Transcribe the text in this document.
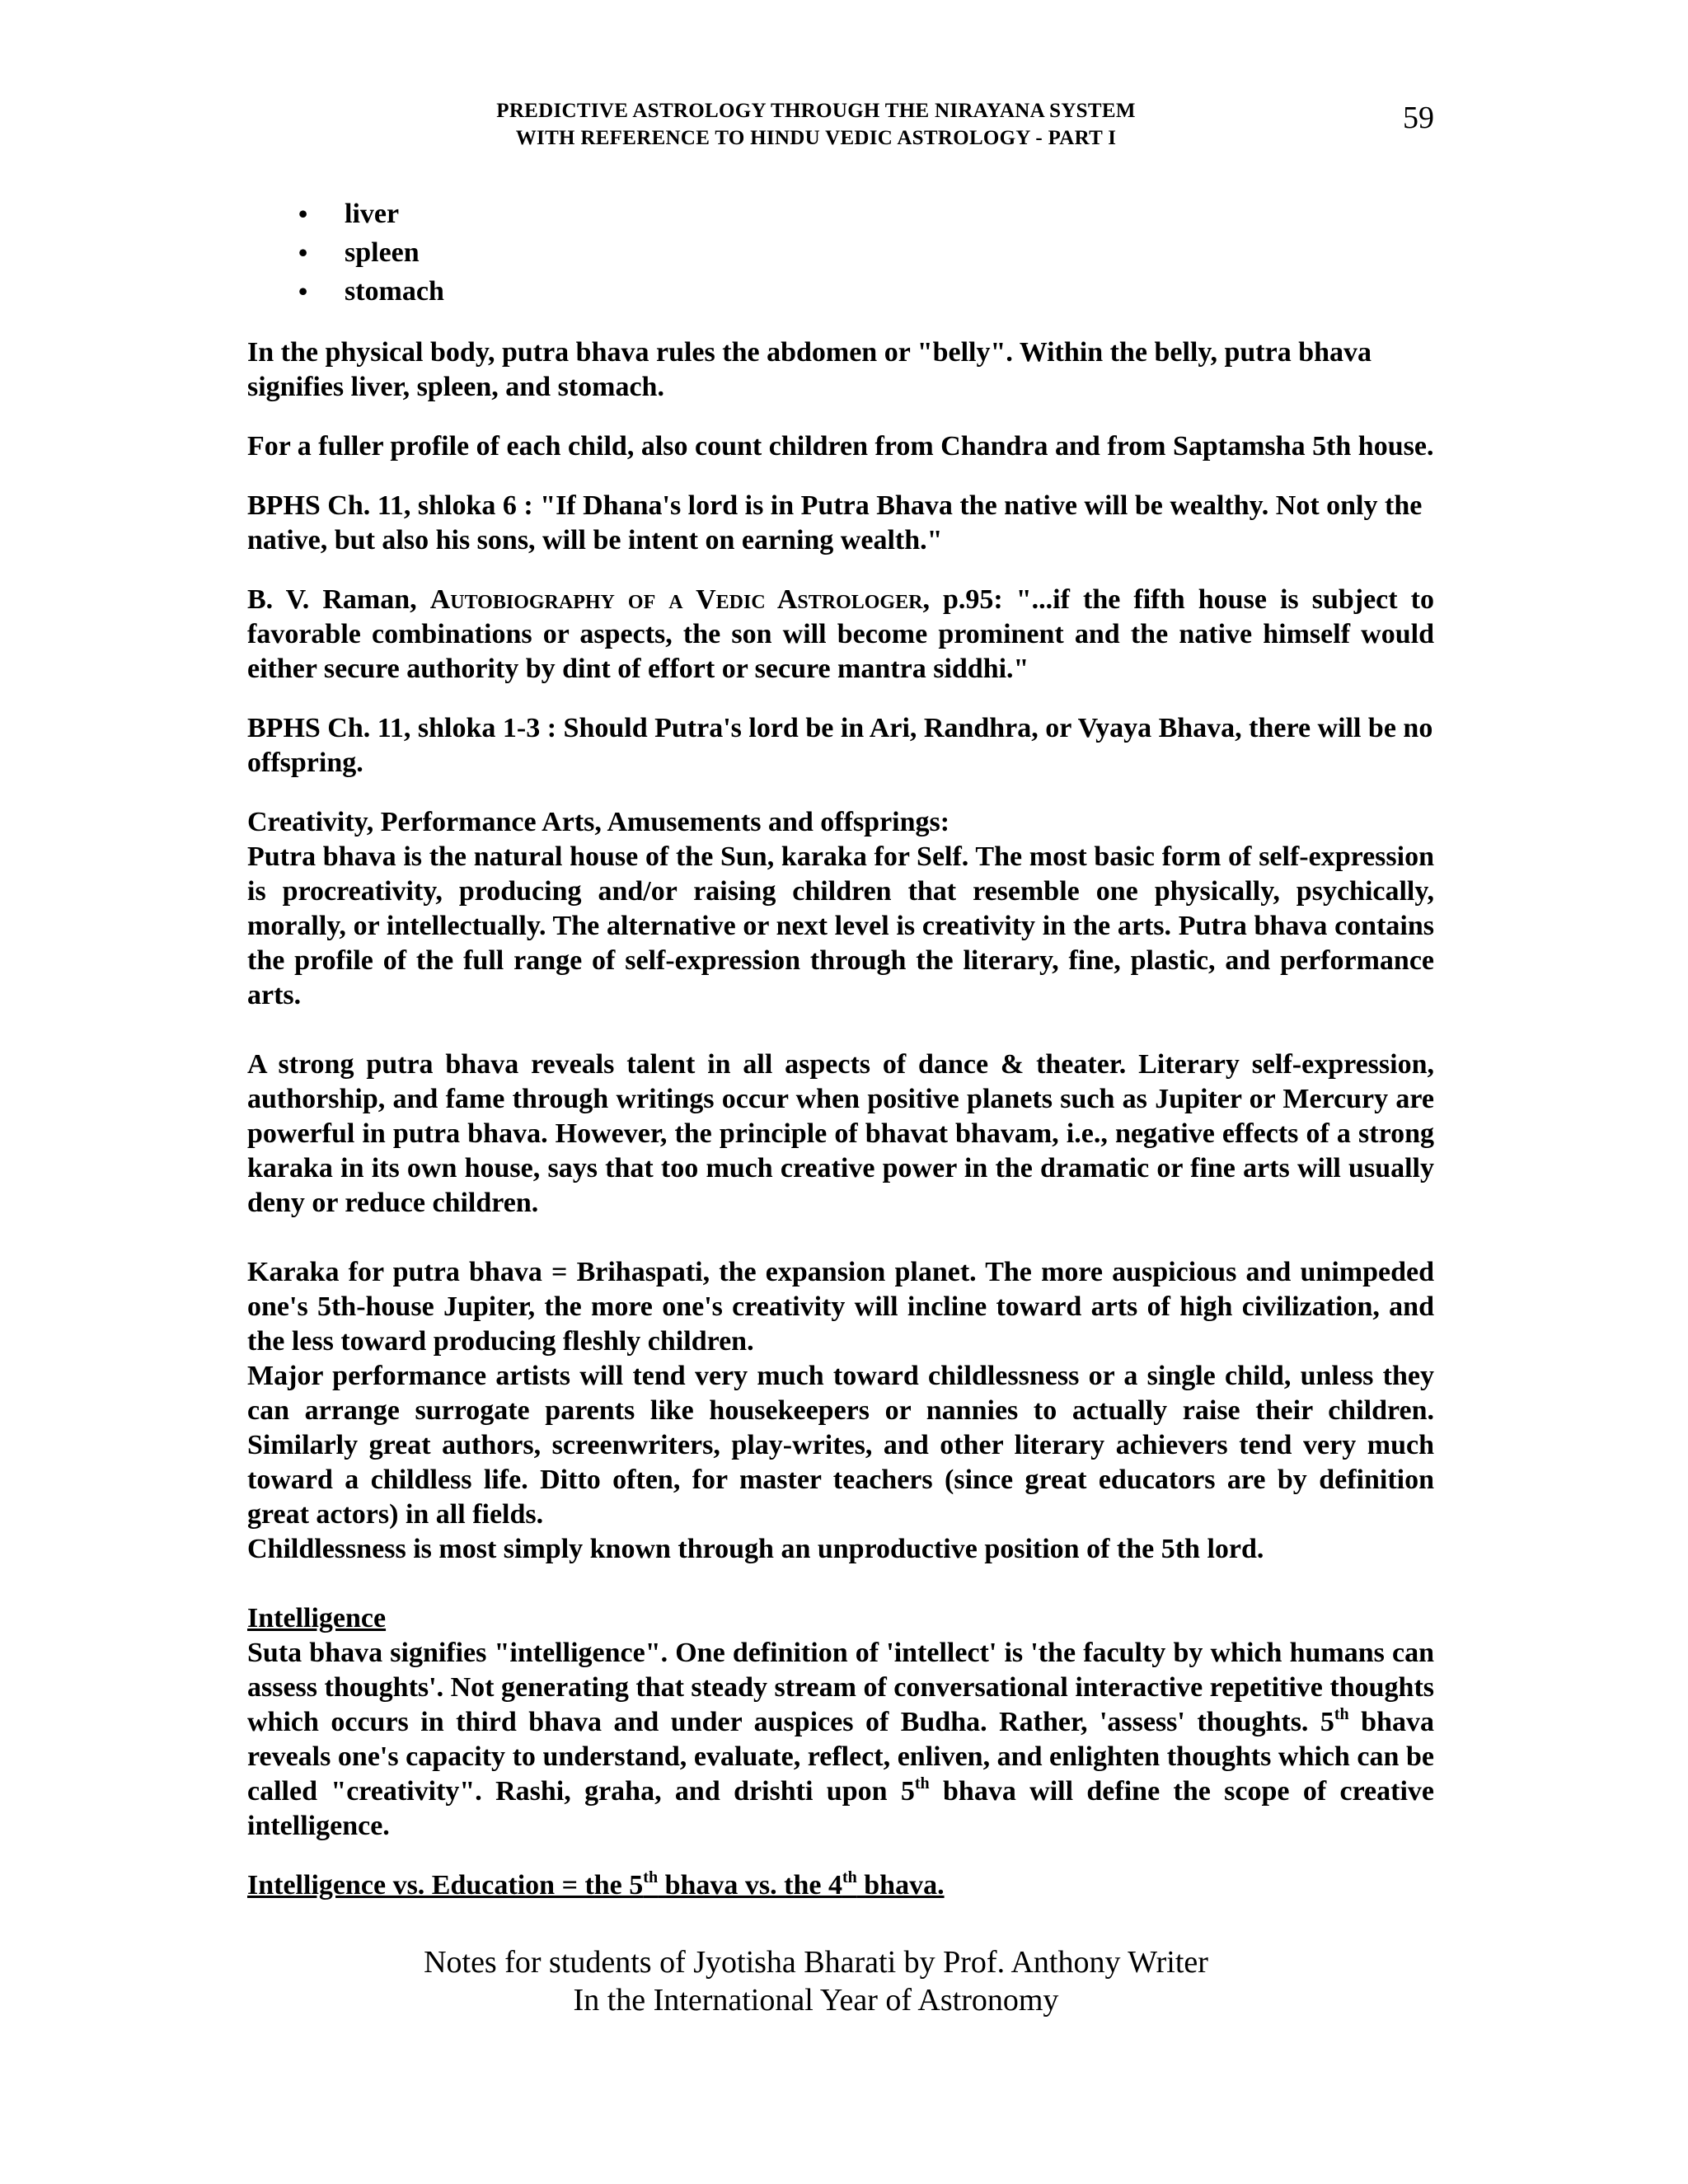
PREDICTIVE ASTROLOGY THROUGH THE NIRAYANA SYSTEM
WITH REFERENCE TO HINDU VEDIC ASTROLOGY - PART I
59
• liver
• spleen
• stomach

In the physical body, putra bhava rules the abdomen or "belly". Within the belly, putra bhava signifies liver, spleen, and stomach.

For a fuller profile of each child, also count children from Chandra and from Saptamsha 5th house.

BPHS Ch. 11, shloka 6 : "If Dhana's lord is in Putra Bhava the native will be wealthy. Not only the native, but also his sons, will be intent on earning wealth."

B. V. Raman, Autobiography of a Vedic Astrologer, p.95: "...if the fifth house is subject to favorable combinations or aspects, the son will become prominent and the native himself would either secure authority by dint of effort or secure mantra siddhi."

BPHS Ch. 11, shloka 1-3 : Should Putra's lord be in Ari, Randhra, or Vyaya Bhava, there will be no offspring.

Creativity, Performance Arts, Amusements and offsprings:

Putra bhava is the natural house of the Sun, karaka for Self. The most basic form of self-expression is procreativity, producing and/or raising children that resemble one physically, psychically, morally, or intellectually. The alternative or next level is creativity in the arts. Putra bhava contains the profile of the full range of self-expression through the literary, fine, plastic, and performance arts.

A strong putra bhava reveals talent in all aspects of dance & theater. Literary self-expression, authorship, and fame through writings occur when positive planets such as Jupiter or Mercury are powerful in putra bhava. However, the principle of bhavat bhavam, i.e., negative effects of a strong karaka in its own house, says that too much creative power in the dramatic or fine arts will usually deny or reduce children.

Karaka for putra bhava = Brihaspati, the expansion planet. The more auspicious and unimpeded one's 5th-house Jupiter, the more one's creativity will incline toward arts of high civilization, and the less toward producing fleshly children.

Major performance artists will tend very much toward childlessness or a single child, unless they can arrange surrogate parents like housekeepers or nannies to actually raise their children. Similarly great authors, screenwriters, play-writes, and other literary achievers tend very much toward a childless life. Ditto often, for master teachers (since great educators are by definition great actors) in all fields.

Childlessness is most simply known through an unproductive position of the 5th lord.

Intelligence

Suta bhava signifies "intelligence". One definition of 'intellect' is 'the faculty by which humans can assess thoughts'. Not generating that steady stream of conversational interactive repetitive thoughts which occurs in third bhava and under auspices of Budha. Rather, 'assess' thoughts. 5th bhava reveals one's capacity to understand, evaluate, reflect, enliven, and enlighten thoughts which can be called "creativity". Rashi, graha, and drishti upon 5th bhava will define the scope of creative intelligence.

Intelligence vs. Education = the 5th bhava vs. the 4th bhava.

Notes for students of Jyotisha Bharati by Prof. Anthony Writer
In the International Year of Astronomy
